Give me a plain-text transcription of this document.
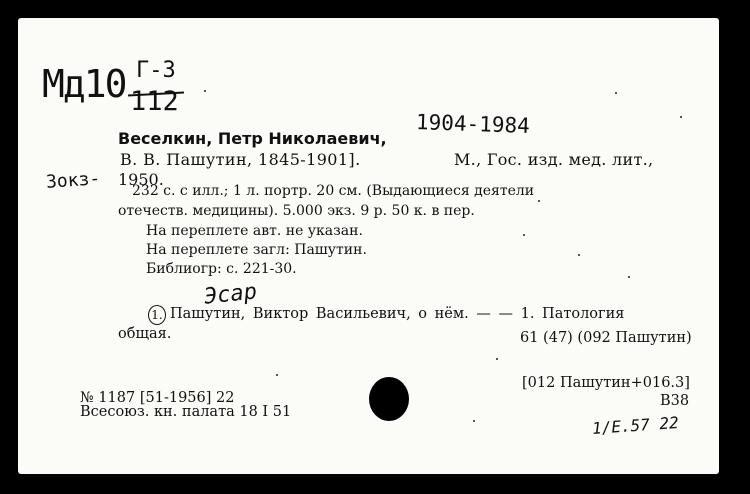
Mд10 Г-3
112
1904-1984
Веселкин, Петр Николаевич,
В. В. Пашутин, 1845-1901].	М., Гос. изд. мед. лит.,
Зокз- 1950.
232 с. с илл.; 1 л. портр. 20 см. (Выдающиеся деятели
отечеств. медицины). 5.000 экз. 9 р. 50 к. в пер.
На переплете авт. не указан.
На переплете загл: Пашутин.
Библиогр: с. 221-30.
Эсар
1. Пашутин, Виктор Васильевич, о нём. — — 1. Патология
общая.	61 (47) (092 Пашутин)
[012 Пашутин+016.3]
№ 1187 [51-1956] 22	В38
Всесоюз. кн. палата 18 I 51
1/Е.57 22
